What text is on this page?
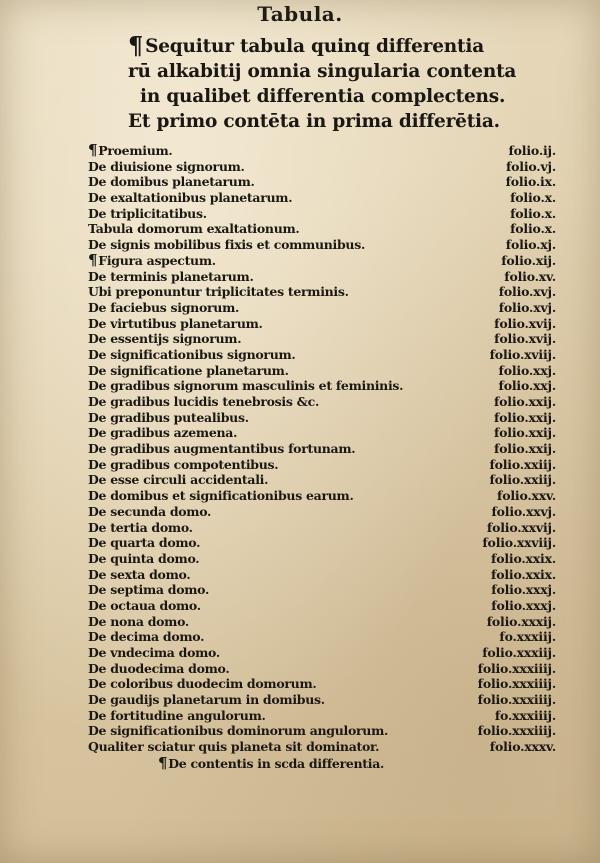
Tabula.
¶ Sequitur tabula quinq differentia
rū alkabitij omnia singularia contenta
in qualibet differentia complectens.
Et primo contēta in prima differētia.
¶Proemium.	folio.ij.
De diuisione signorum.	folio.vj.
De domibus planetarum.	folio.ix.
De exaltationibus planetarum.	folio.x.
De triplicitatibus.	folio.x.
Tabula domorum exaltationum.	folio.x.
De signis mobilibus fixis et communibus.	folio.xj.
¶Figura aspectum.	folio.xij.
De terminis planetarum.	folio.xv.
Ubi preponuntur triplicitates terminis.	folio.xvj.
De faciebus signorum.	folio.xvj.
De virtutibus planetarum.	folio.xvij.
De essentijs signorum.	folio.xvij.
De significationibus signorum.	folio.xviij.
De significatione planetarum.	folio.xxj.
De gradibus signorum masculinis et femininis.	folio.xxj.
De gradibus lucidis tenebrosis &c.	folio.xxij.
De gradibus putealibus.	folio.xxij.
De gradibus azemena.	folio.xxij.
De gradibus augmentantibus fortunam.	folio.xxij.
De gradibus compotentibus.	folio.xxiij.
De esse circuli accidentali.	folio.xxiij.
De domibus et significationibus earum.	folio.xxv.
De secunda domo.	folio.xxvj.
De tertia domo.	folio.xxvij.
De quarta domo.	folio.xxviij.
De quinta domo.	folio.xxix.
De sexta domo.	folio.xxix.
De septima domo.	folio.xxxj.
De octaua domo.	folio.xxxj.
De nona domo.	folio.xxxij.
De decima domo.	fo.xxxiij.
De vndecima domo.	folio.xxxiij.
De duodecima domo.	folio.xxxiiij.
De coloribus duodecim domorum.	folio.xxxiiij.
De gaudijs planetarum in domibus.	folio.xxxiiij.
De fortitudine angulorum.	fo.xxxiiij.
De significationibus dominorum angulorum.	folio.xxxiiij.
Qualiter sciatur quis planeta sit dominator.	folio.xxxv.
¶De contentis in scda differentia.
